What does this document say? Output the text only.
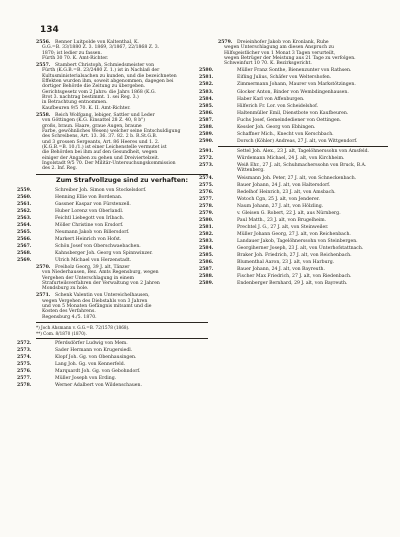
134
2556. Renner Luitpolde von Kaltenthal, K.
G.G.=B. 33/1880 Z. 3. 1869, 3/1867, 22/1868 Z. 3.
1870; ist ledier zu fassen.
Fürth 30 70. K. Amt-Richter.
2557. Stambert Christoph, Schmiedsmeister von
Fürth (K.G.B.=B. 23/2480 Z. 1.) ist in Nachlaß der
Kultusministerialsachen zu kunden, und die bezeichneten
Effekten wurden ihm, soweit abgenommen, dagegen bei
dortiger Behörde die Zeitung zu übergeben.
Gerichtsgesetz vom 2 Jahrs: die Jahrs 1868 (K.G.
Brot 3. nachtrag bestimmt. 1. sei Reg. 3.)
in Betrachtung entnommen.
Kaufbeuren 9/5 70. K. II. Amt-Richter.
2558. Reich Wolfgang, lebiger, Sattler und Leder
von Göttingen (K.G. Einsattel 28 Z. 40, 8 b")
großs, braun. Haare, graue Augen, braune
Farbe, gewöhnliches Wesen) welcher seine Entschuldigung
des Schreibens, Art. 13. 36. 37. 82. 2 b. R.St.G.B.
und 3 grossen Sergeants, Art. 86 Heeres und 1. 2.
(K.G.B.=B. 10./1.) ist einer Leichenstelle vermutet ist
die Behörden bei ihm auf den Gesundheit, wegen
einiger der Angaben zu gehen und Dreiviertelzeit.
Ingolstadt 9/5 70. Der Militär-Untersuchungskommission
des 2. Inf. Reg.
Zum Strafvollzuge sind zu verhaften:
2559.	Schreiber Joh. Simon von Stockelsdorf.
2560.	Henning Ellie von Bordenan.
2561.	Gassner Kaspar von Fürstenzell.
2562.	Huber Lorenz von Oberlandl.
2563.	Feichtl Liebegott von Irlbach.
2564.	Möller Christine von Ersdorf.
2565.	Neumann Jakob von Billersdorf.
2566.	Markert Heinrich von Hofst.
2567.	Schön Josef von Oberschwaebachen.
2568.	Kahnsberger Joh. Georg von Spinnwinzer.
2569.	Ulrich Michael von Herzenstadt.
2570. Freiholz Georg, 39 J. alt, Tänzer
von Niederhausen, Bez. Amts Regensburg, wegen
Vergehen der Unterschlagung in einem
Strafurteilsverfahren der Verwaltung von 2 Jahren
Mondsburg zu hole.
2571. Schenk Valentin von Untereichelhausen,
wegen Vergehen des Diebstahls von 3 Jahren
und von 5 Monaten Gefängnis mitsamt und die
Kosten des Verfahrens.
Regensburg 4./5. 1870.
*) Joch Ahsmann v. G.G.=B. 72/1578 (1868).
**) Com. 8/1870 (1870).
2572.	Pferdsdörfer Ludwig von Mem.
2573.	Sader Hermann von Krugersiedl.
2574.	Klopf Joh. Gg. von Obenhausingen.
2575.	Lang Joh. Gg. von Kennerfeld.
2576.	Marquardt Joh. Gg. von Gebohndorf.
2577.	Müller Joseph von Erding.
2578.	Werner Adalbert von Wildenschauen.
2579. Dreieinhofer Jakob von Kronlank, Ruhe
wegen Unterschlagung am diesen Anspruch zu
Hilfsgeistlicher von 1 Monat 3 Tagen verurteilt,
wegen Betrüger der Meistung aus 21 Tage zu verfolgen.
Schweinfurt 10 70. K. Bezirksgericht.
2580.	Müller Franz Sonthe, Bienenzunter von Rathsen.
2581.	Eifling Julius, Schäfer von Weltershofen.
2582.	Zimmermann Johann, Maurer von Markstötzingen.
2583.	Glocker Anton, Binder von Wembdingenhausen.
2584.	Haber Karl von Affenburgen.
2585.	Hilferich Fr. Lor. von Scheidelshof.
2586.	Haltenmüller Emil, Dienstbote von Kaufbeuren.
2587.	Fuchs Josef, Gemeindediener von Oettingen.
2588.	Kessler Joh. Georg von Ebhingen.
2589.	Schaffner Mich., Knecht von Kerschbach.
2590.	Dorsch (Köhler) Andreas, 27 J. alt, von Wittgendorf.
2591.	Settel Joh. Alex., 23 J. alt, Tagelöhnerssohn von Amsfeld.
2572.	Würdemann Michael, 24 J. alt, von Kirchheim.
2573.	Weiß Ehr., 27 J. alt, Schuhmacherssohn von Bruck, B.A. Wittenberg.
2574.	Weismann Joh. Peter, 27 J. alt, von Schneckenbach.
2575.	Bauer Johann, 24 J. alt, von Haltersdorf.
2576.	Redelhof Heinrich, 23 J. alt, von Amsbach.
2577.	Wotoch Cgn, 25 J. alt, von Jenderer.
2578.	Naum Johann, 27 J. alt, von Hölzling.
2579.	v. Gleisen G. Robert, 22 J. alt, aus Nürnberg.
2580.	Paul Matth., 23 J. alt, von Brugelheim.
2581.	Prechtel J. G., 27 J. alt, von Steinweiler.
2582.	Müller Johann Georg, 27 J. alt, von Reichenbach.
2583.	Landauer Jakob, Tagelöhnerssohn von Steinbergen.
2584.	Georgiherner Joseph, 23 J. alt, von Unterhofstattnach.
2585.	Braker Joh. Friedrich, 27 J. alt, von Reichenbach.
2586.	Blumenthal Aaron, 23 J. alt, von Harburg.
2587.	Bauer Johann, 24 J. alt, von Bayreuth.
2588.	Fischer Max Friedrich, 27 J. alt, von Riedenbach.
2589.	Endenberger Bernhard, 29 J. alt, von Bayreuth.
